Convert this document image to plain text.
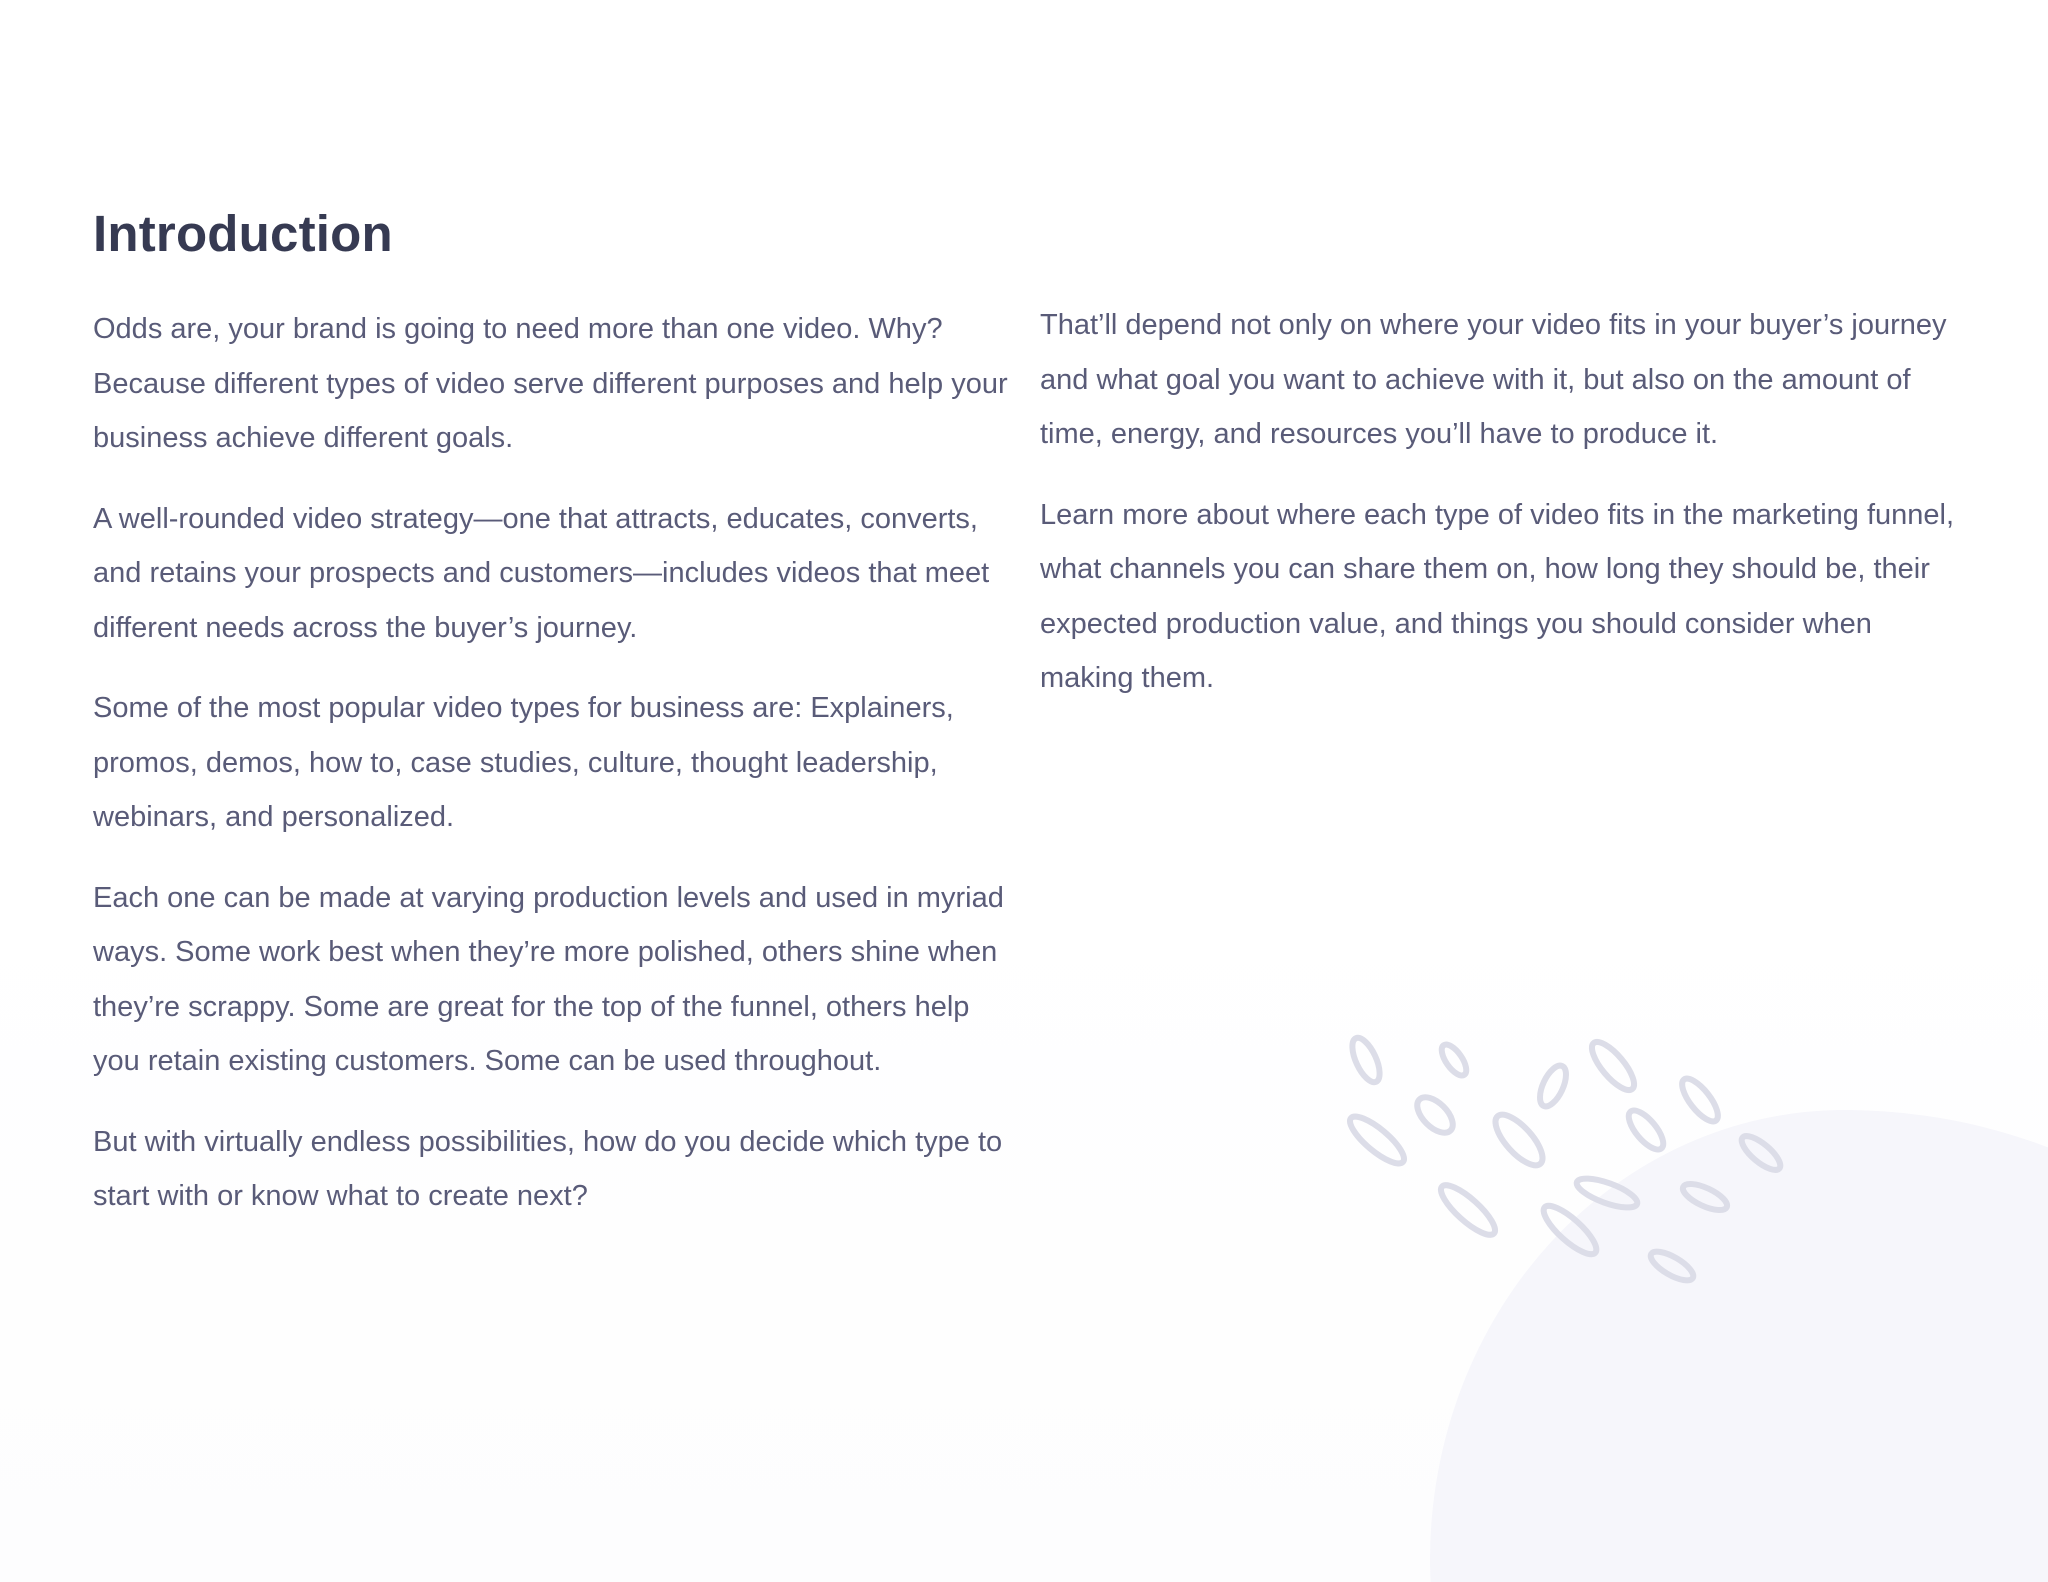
Introduction

Odds are, your brand is going to need more than one video. Why? Because different types of video serve different purposes and help your business achieve different goals.

A well-rounded video strategy—one that attracts, educates, converts, and retains your prospects and customers—includes videos that meet different needs across the buyer’s journey.

Some of the most popular video types for business are: Explainers, promos, demos, how to, case studies, culture, thought leadership, webinars, and personalized.

Each one can be made at varying production levels and used in myriad ways. Some work best when they’re more polished, others shine when they’re scrappy. Some are great for the top of the funnel, others help you retain existing customers. Some can be used throughout.

But with virtually endless possibilities, how do you decide which type to start with or know what to create next?

That’ll depend not only on where your video fits in your buyer’s journey and what goal you want to achieve with it, but also on the amount of time, energy, and resources you’ll have to produce it.

Learn more about where each type of video fits in the marketing funnel, what channels you can share them on, how long they should be, their expected production value, and things you should consider when making them.
